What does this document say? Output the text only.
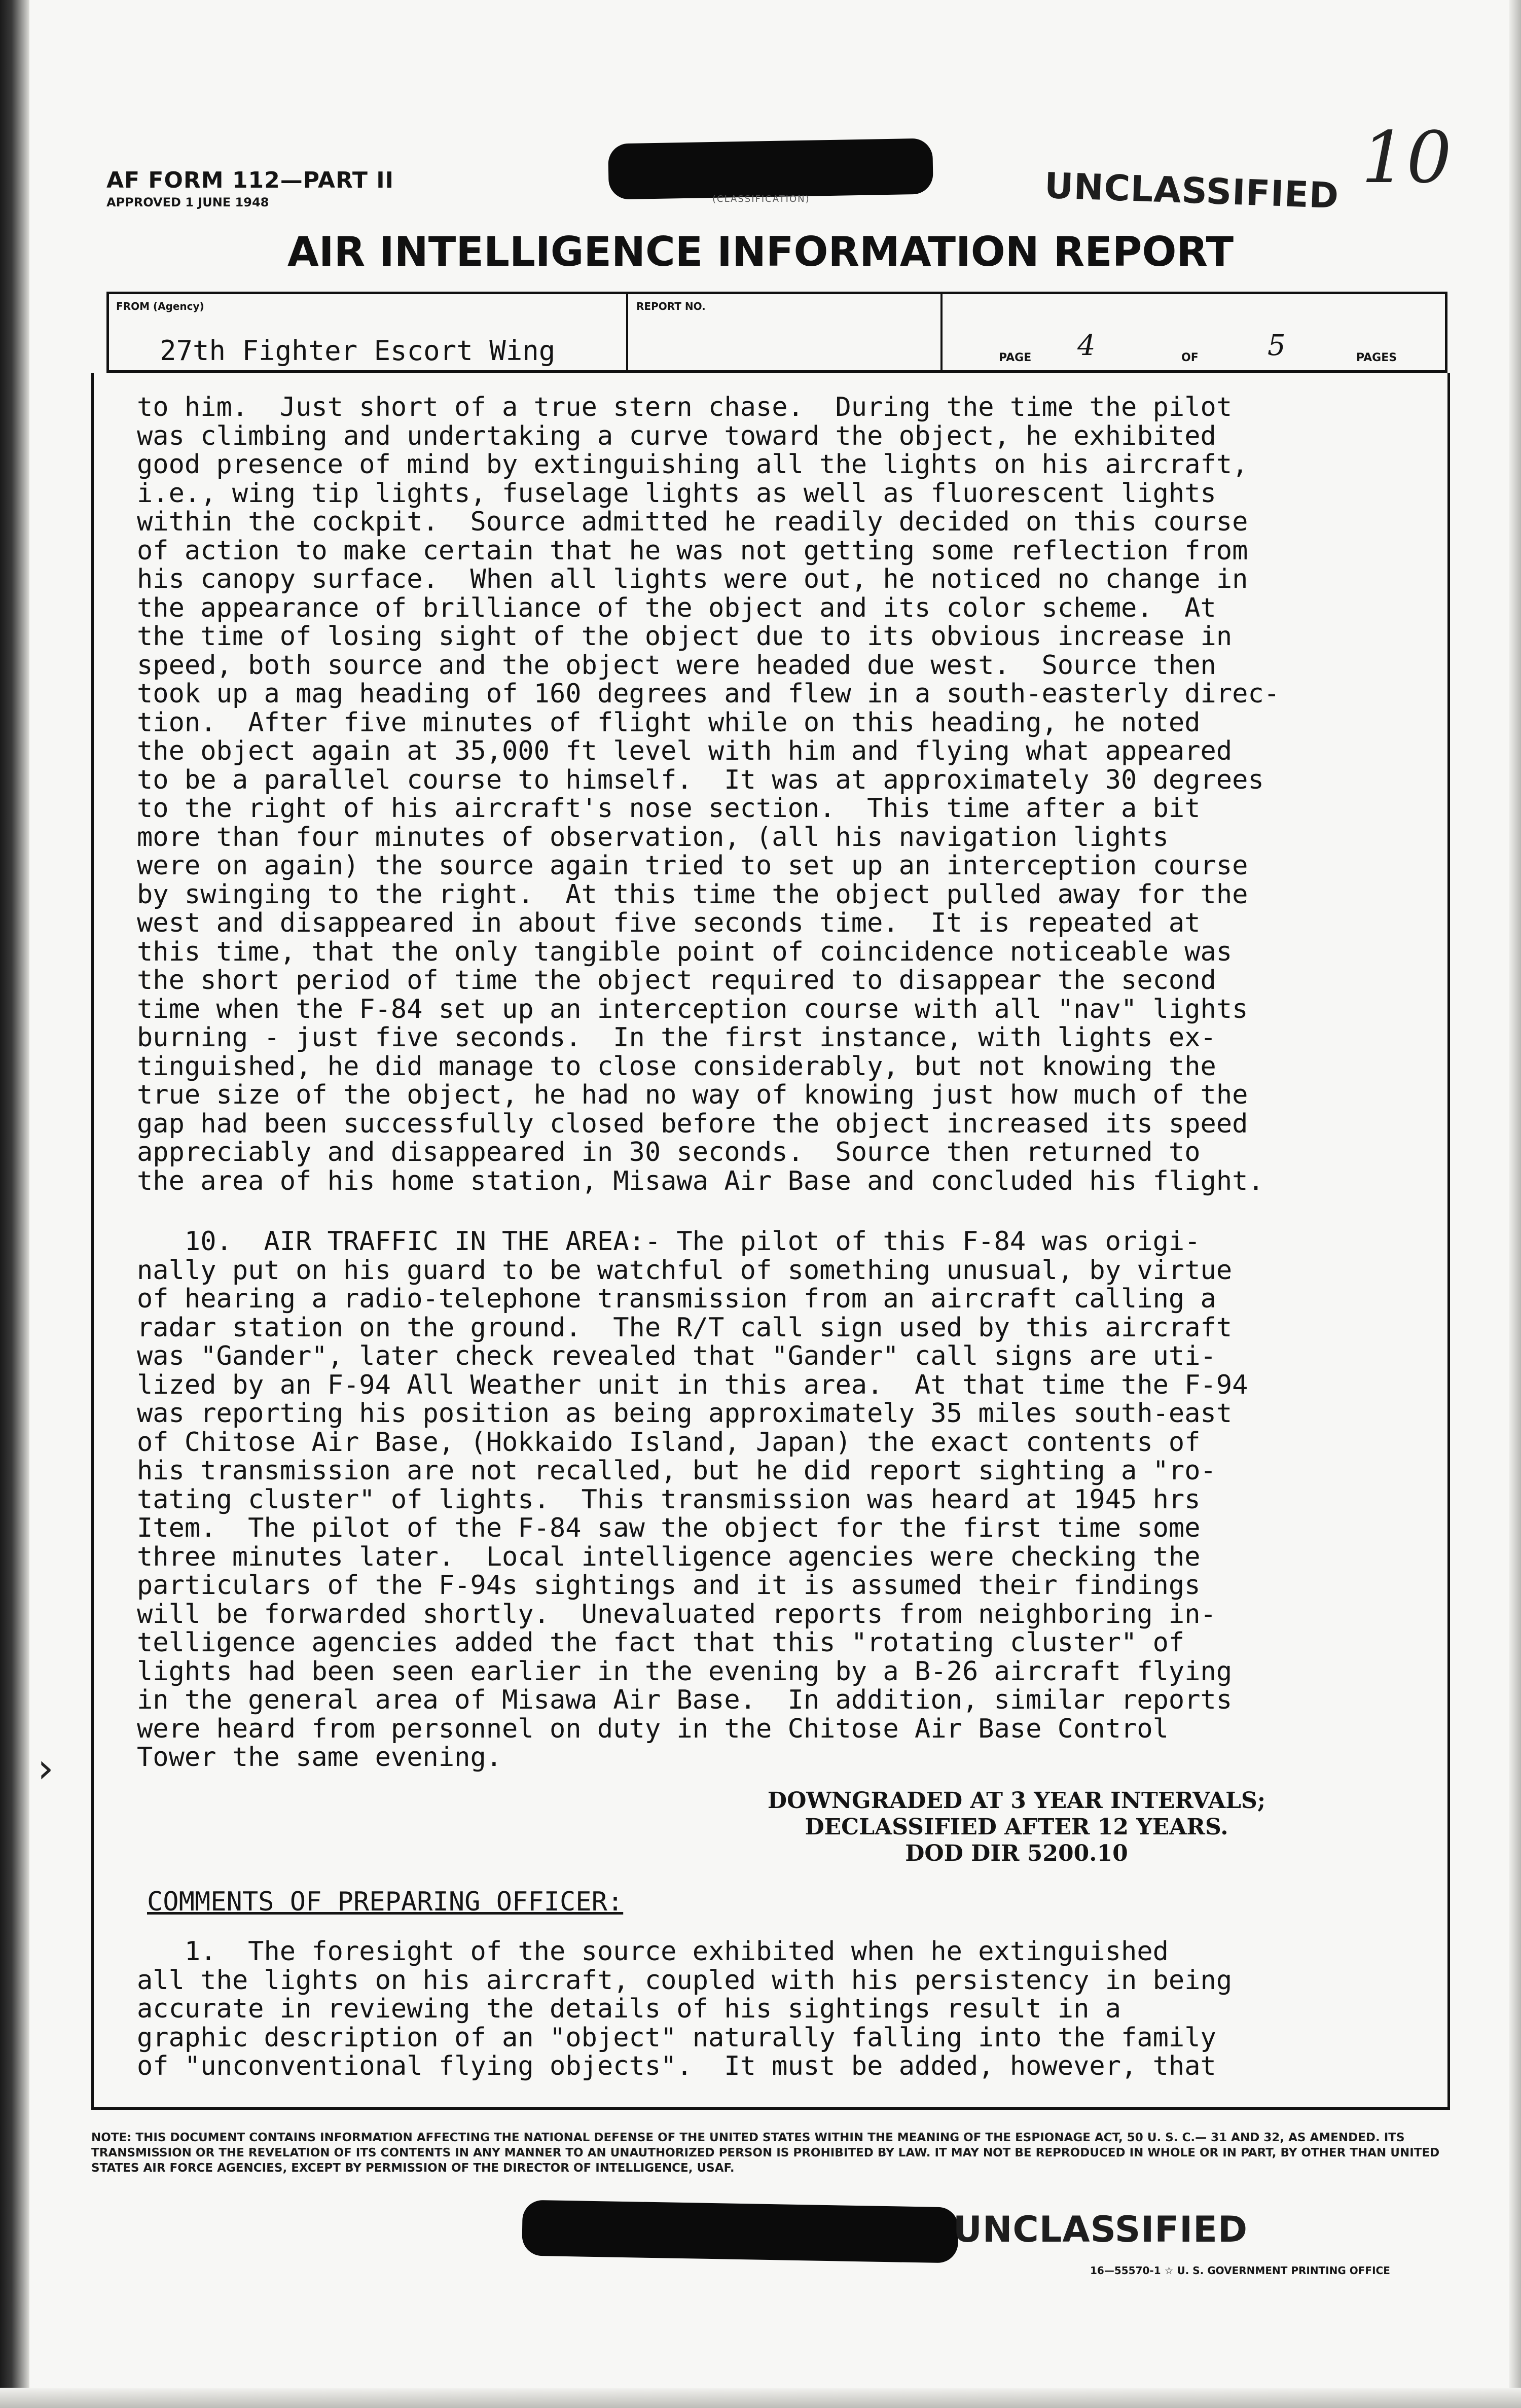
AF FORM 112—PART II
APPROVED 1 JUNE 1948	(CLASSIFICATION)	UNCLASSIFIED 10
AIR INTELLIGENCE INFORMATION REPORT
FROM (Agency)
27th Fighter Escort Wing
REPORT NO.
PAGE 4	OF 5	PAGES

to him.  Just short of a true stern chase.  During the time the pilot

was climbing and undertaking a curve toward the object, he exhibited

good presence of mind by extinguishing all the lights on his aircraft,

i.e., wing tip lights, fuselage lights as well as fluorescent lights

within the cockpit.  Source admitted he readily decided on this course

of action to make certain that he was not getting some reflection from

his canopy surface.  When all lights were out, he noticed no change in

the appearance of brilliance of the object and its color scheme.  At

the time of losing sight of the object due to its obvious increase in

speed, both source and the object were headed due west.  Source then

took up a mag heading of 160 degrees and flew in a south-easterly direc-

tion.  After five minutes of flight while on this heading, he noted

the object again at 35,000 ft level with him and flying what appeared

to be a parallel course to himself.  It was at approximately 30 degrees

to the right of his aircraft's nose section.  This time after a bit

more than four minutes of observation, (all his navigation lights

were on again) the source again tried to set up an interception course

by swinging to the right.  At this time the object pulled away for the

west and disappeared in about five seconds time.  It is repeated at

this time, that the only tangible point of coincidence noticeable was

the short period of time the object required to disappear the second

time when the F-84 set up an interception course with all "nav" lights

burning - just five seconds.  In the first instance, with lights ex-

tinguished, he did manage to close considerably, but not knowing the

true size of the object, he had no way of knowing just how much of the

gap had been successfully closed before the object increased its speed

appreciably and disappeared in 30 seconds.  Source then returned to

the area of his home station, Misawa Air Base and concluded his flight.

10.  AIR TRAFFIC IN THE AREA:- The pilot of this F-84 was origi-

nally put on his guard to be watchful of something unusual, by virtue

of hearing a radio-telephone transmission from an aircraft calling a

radar station on the ground.  The R/T call sign used by this aircraft

was "Gander", later check revealed that "Gander" call signs are uti-

lized by an F-94 All Weather unit in this area.  At that time the F-94

was reporting his position as being approximately 35 miles south-east

of Chitose Air Base, (Hokkaido Island, Japan) the exact contents of

his transmission are not recalled, but he did report sighting a "ro-

tating cluster" of lights.  This transmission was heard at 1945 hrs

Item.  The pilot of the F-84 saw the object for the first time some

three minutes later.  Local intelligence agencies were checking the

particulars of the F-94s sightings and it is assumed their findings

will be forwarded shortly.  Unevaluated reports from neighboring in-

telligence agencies added the fact that this "rotating cluster" of

lights had been seen earlier in the evening by a B-26 aircraft flying

in the general area of Misawa Air Base.  In addition, similar reports

were heard from personnel on duty in the Chitose Air Base Control

Tower the same evening.

DOWNGRADED AT 3 YEAR INTERVALS;
DECLASSIFIED AFTER 12 YEARS.
DOD DIR 5200.10
COMMENTS OF PREPARING OFFICER:

1.  The foresight of the source exhibited when he extinguished

all the lights on his aircraft, coupled with his persistency in being

accurate in reviewing the details of his sightings result in a

graphic description of an "object" naturally falling into the family

of "unconventional flying objects".  It must be added, however, that

NOTE: THIS DOCUMENT CONTAINS INFORMATION AFFECTING THE NATIONAL DEFENSE OF THE UNITED STATES WITHIN THE MEANING OF THE ESPIONAGE ACT, 50 U. S. C.— 31 AND 32, AS AMENDED. ITS TRANSMISSION OR THE REVELATION OF ITS CONTENTS IN ANY MANNER TO AN UNAUTHORIZED PERSON IS PROHIBITED BY LAW. IT MAY NOT BE REPRODUCED IN WHOLE OR IN PART, BY OTHER THAN UNITED STATES AIR FORCE AGENCIES, EXCEPT BY PERMISSION OF THE DIRECTOR OF INTELLIGENCE, USAF.
UNCLASSIFIED
16—55570-1 ☆ U. S. GOVERNMENT PRINTING OFFICE
›
